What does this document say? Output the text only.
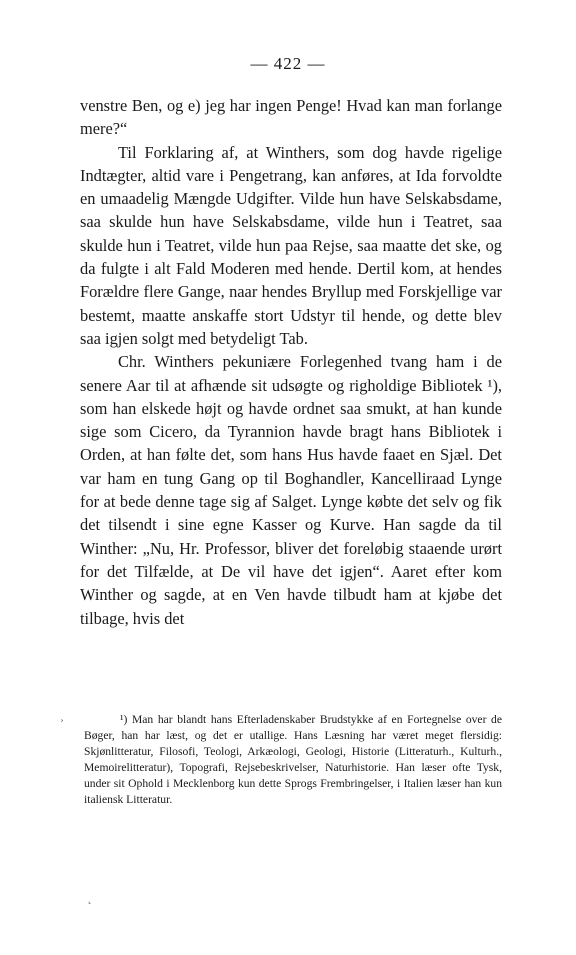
— 422 —

venstre Ben, og e) jeg har ingen Penge! Hvad kan man forlange mere?“

Til Forklaring af, at Winthers, som dog havde rigelige Indtægter, altid vare i Pengetrang, kan anføres, at Ida forvoldte en umaadelig Mængde Udgifter. Vilde hun have Selskabsdame, saa skulde hun have Selskabsdame, vilde hun i Teatret, saa skulde hun i Teatret, vilde hun paa Rejse, saa maatte det ske, og da fulgte i alt Fald Moderen med hende. Dertil kom, at hendes Forældre flere Gange, naar hendes Bryllup med Forskjellige var bestemt, maatte anskaffe stort Udstyr til hende, og dette blev saa igjen solgt med betydeligt Tab.

Chr. Winthers pekuniære Forlegenhed tvang ham i de senere Aar til at afhænde sit udsøgte og righoldige Bibliotek ¹), som han elskede højt og havde ordnet saa smukt, at han kunde sige som Cicero, da Tyrannion havde bragt hans Bibliotek i Orden, at han følte det, som hans Hus havde faaet en Sjæl. Det var ham en tung Gang op til Boghandler, Kancelliraad Lynge for at bede denne tage sig af Salget. Lynge købte det selv og fik det tilsendt i sine egne Kasser og Kurve. Han sagde da til Winther: „Nu, Hr. Professor, bliver det foreløbig staaende urørt for det Tilfælde, at De vil have det igjen“. Aaret efter kom Winther og sagde, at en Ven havde tilbudt ham at kjøbe det tilbage, hvis det

¸	¹) Man har blandt hans Efterladenskaber Brudstykke af en Fortegnelse over de Bøger, han har læst, og det er utallige. Hans Læsning har været meget flersidig: Skjønlitteratur, Filosofi, Teologi, Arkæologi, Geologi, Historie (Litteraturh., Kulturh., Memoirelitteratur), Topografi, Rejsebeskrivelser, Naturhistorie. Han læser ofte Tysk, under sit Ophold i Mecklenborg kun dette Sprogs Frembringelser, i Italien læser han kun italiensk Litteratur.
˛
